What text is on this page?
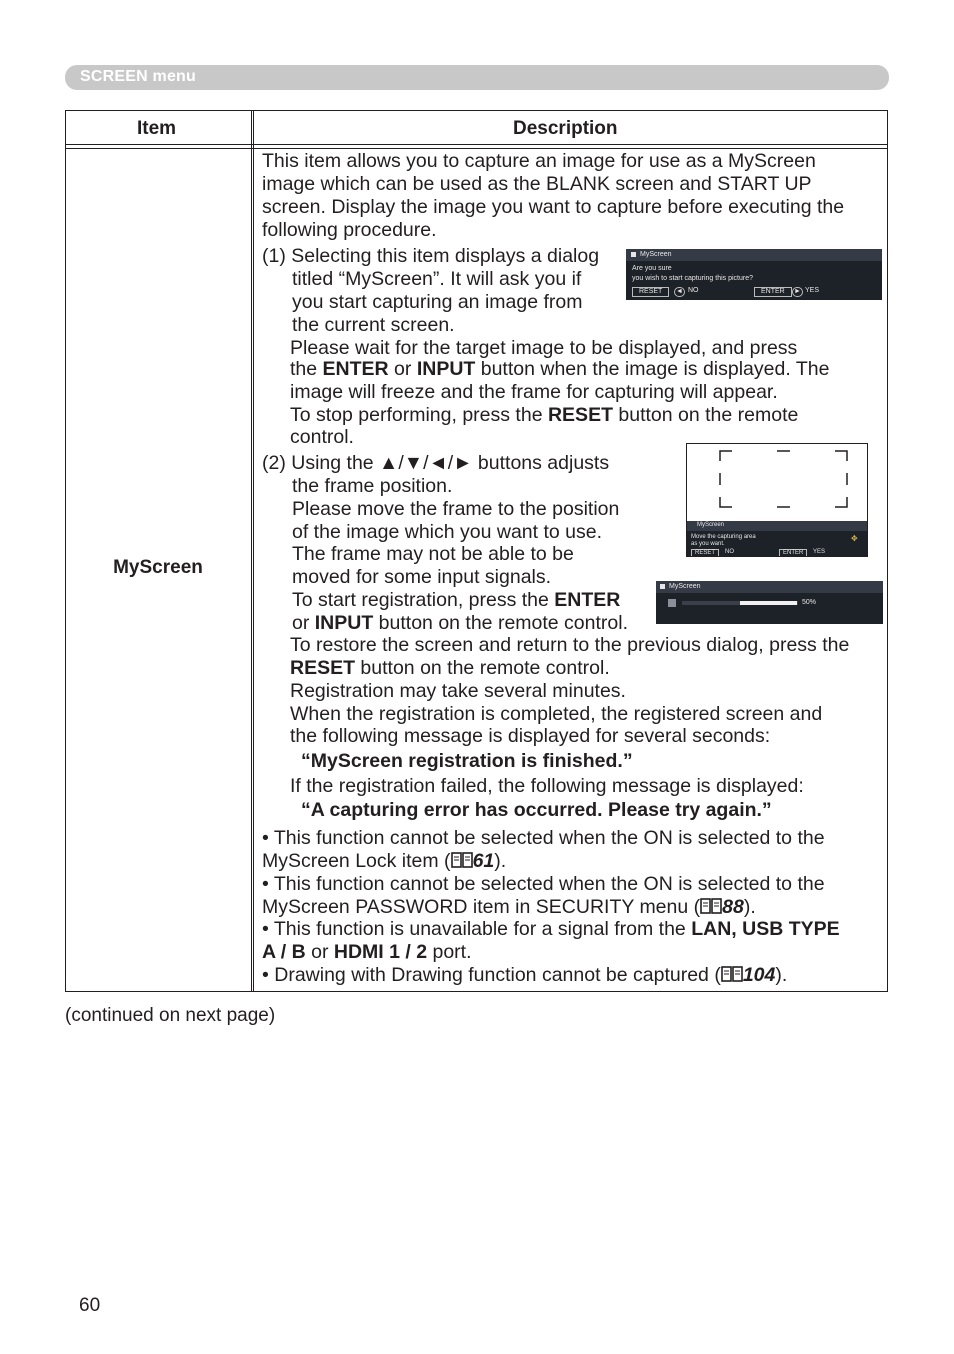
SCREEN menu
Item	Description
MyScreen
This item allows you to capture an image for use as a MyScreen
image which can be used as the BLANK screen and START UP
screen. Display the image you want to capture before executing the
following procedure.
(1) Selecting this item displays a dialog
titled “MyScreen”. It will ask you if
you start capturing an image from
the current screen.
Please wait for the target image to be displayed, and press
the ENTER or INPUT button when the image is displayed. The
image will freeze and the frame for capturing will appear.
To stop performing, press the RESET button on the remote
control.
(2) Using the ▲/▼/◄/► buttons adjusts
the frame position.
Please move the frame to the position
of the image which you want to use.
The frame may not be able to be
moved for some input signals.
To start registration, press the ENTER
or INPUT button on the remote control.
To restore the screen and return to the previous dialog, press the
RESET button on the remote control.
Registration may take several minutes.
When the registration is completed, the registered screen and
the following message is displayed for several seconds:
“MyScreen registration is finished.”
If the registration failed, the following message is displayed:
“A capturing error has occurred. Please try again.”
• This function cannot be selected when the ON is selected to the
MyScreen Lock item ( 61).
• This function cannot be selected when the ON is selected to the
MyScreen PASSWORD item in SECURITY menu ( 88).
• This function is unavailable for a signal from the LAN, USB TYPE
A / B or HDMI 1 / 2 port.
• Drawing with Drawing function cannot be captured ( 104).
MyScreen
Are you sure
you wish to start capturing this picture?
RESET	◄ NO	ENTER	► YES
MyScreen
Move the capturing area
as you want.
RESET	NO	ENTER	YES
✥
MyScreen
50%
(continued on next page)
60
